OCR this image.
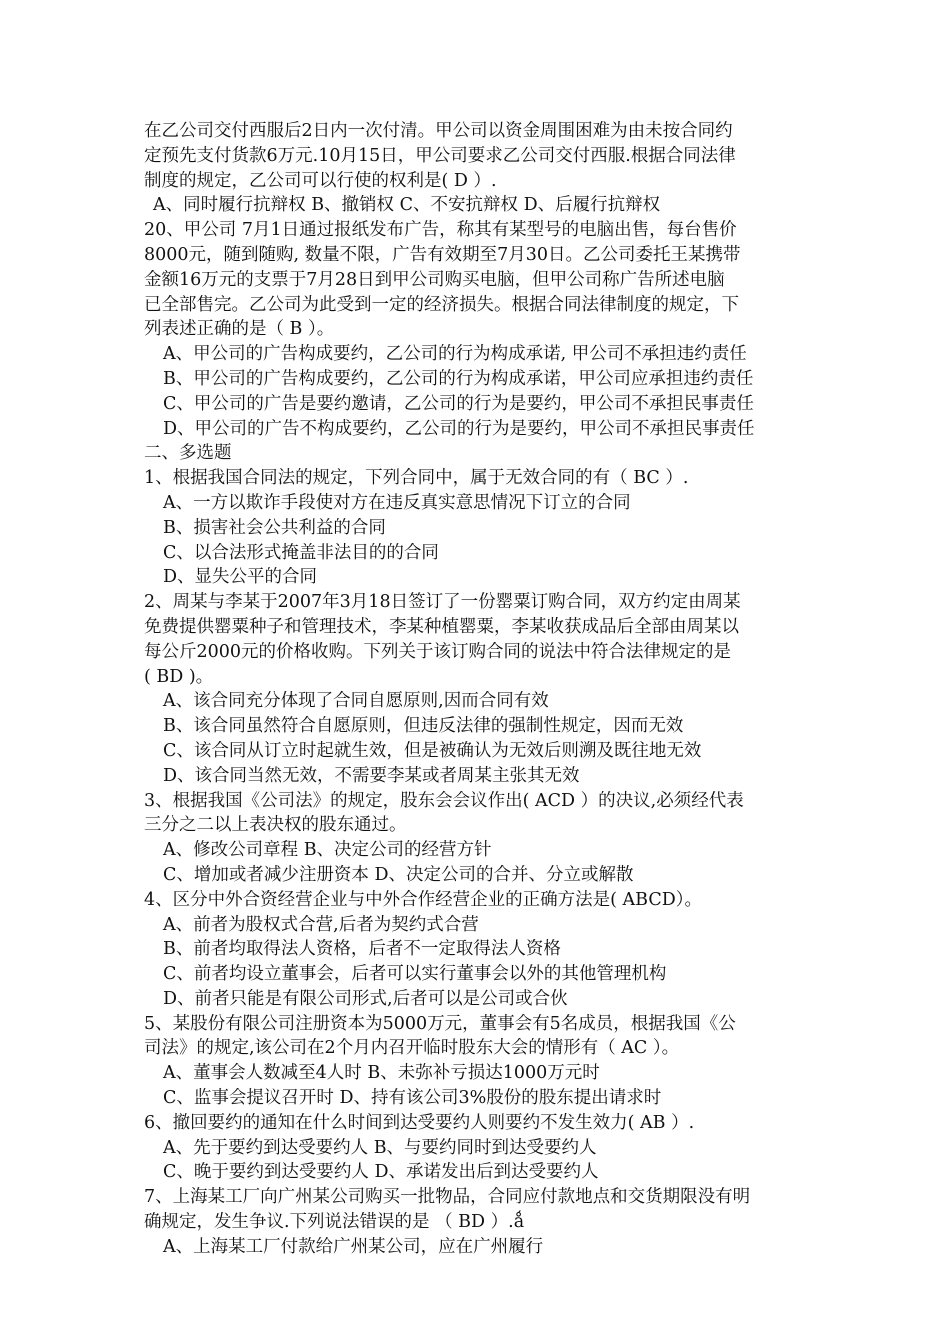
在乙公司交付西服后2日内一次付清。甲公司以资金周围困难为由未按合同约
定预先支付货款6万元.10月15日，甲公司要求乙公司交付西服.根据合同法律
制度的规定，乙公司可以行使的权利是( D ）.
A、同时履行抗辩权 B、撤销权 C、不安抗辩权 D、后履行抗辩权
20、甲公司 7月1日通过报纸发布广告，称其有某型号的电脑出售，每台售价
8000元，随到随购, 数量不限，广告有效期至7月30日。乙公司委托王某携带
金额16万元的支票于7月28日到甲公司购买电脑，但甲公司称广告所述电脑
已全部售完。乙公司为此受到一定的经济损失。根据合同法律制度的规定，下
列表述正确的是（ B ）。
A、甲公司的广告构成要约，乙公司的行为构成承诺, 甲公司不承担违约责任
B、甲公司的广告构成要约，乙公司的行为构成承诺，甲公司应承担违约责任
C、甲公司的广告是要约邀请，乙公司的行为是要约，甲公司不承担民事责任
D、甲公司的广告不构成要约，乙公司的行为是要约，甲公司不承担民事责任
二、多选题
1、根据我国合同法的规定，下列合同中，属于无效合同的有（ BC ）.
A、一方以欺诈手段使对方在违反真实意思情况下订立的合同
B、损害社会公共利益的合同
C、以合法形式掩盖非法目的的合同
D、显失公平的合同
2、周某与李某于2007年3月18日签订了一份罂粟订购合同，双方约定由周某
免费提供罂粟种子和管理技术，李某种植罂粟，李某收获成品后全部由周某以
每公斤2000元的价格收购。下列关于该订购合同的说法中符合法律规定的是
( BD )。
A、该合同充分体现了合同自愿原则,因而合同有效
B、该合同虽然符合自愿原则，但违反法律的强制性规定，因而无效
C、该合同从订立时起就生效，但是被确认为无效后则溯及既往地无效
D、该合同当然无效，不需要李某或者周某主张其无效
3、根据我国《公司法》的规定，股东会会议作出( ACD ）的决议,必须经代表
三分之二以上表决权的股东通过。
A、修改公司章程 B、决定公司的经营方针
C、增加或者减少注册资本 D、决定公司的合并、分立或解散
4、区分中外合资经营企业与中外合作经营企业的正确方法是( ABCD）。
A、前者为股权式合营,后者为契约式合营
B、前者均取得法人资格，后者不一定取得法人资格
C、前者均设立董事会，后者可以实行董事会以外的其他管理机构
D、前者只能是有限公司形式,后者可以是公司或合伙
5、某股份有限公司注册资本为5000万元，董事会有5名成员，根据我国《公
司法》的规定,该公司在2个月内召开临时股东大会的情形有（ AC ）。
A、董事会人数减至4人时 B、未弥补亏损达1000万元时
C、监事会提议召开时 D、持有该公司3%股份的股东提出请求时
6、撤回要约的通知在什么时间到达受要约人则要约不发生效力( AB ）.
A、先于要约到达受要约人 B、与要约同时到达受要约人
C、晚于要约到达受要约人 D、承诺发出后到达受要约人
7、上海某工厂向广州某公司购买一批物品，合同应付款地点和交货期限没有明
确规定，发生争议.下列说法错误的是 （ BD ）.ǻ
A、上海某工厂付款给广州某公司，应在广州履行
